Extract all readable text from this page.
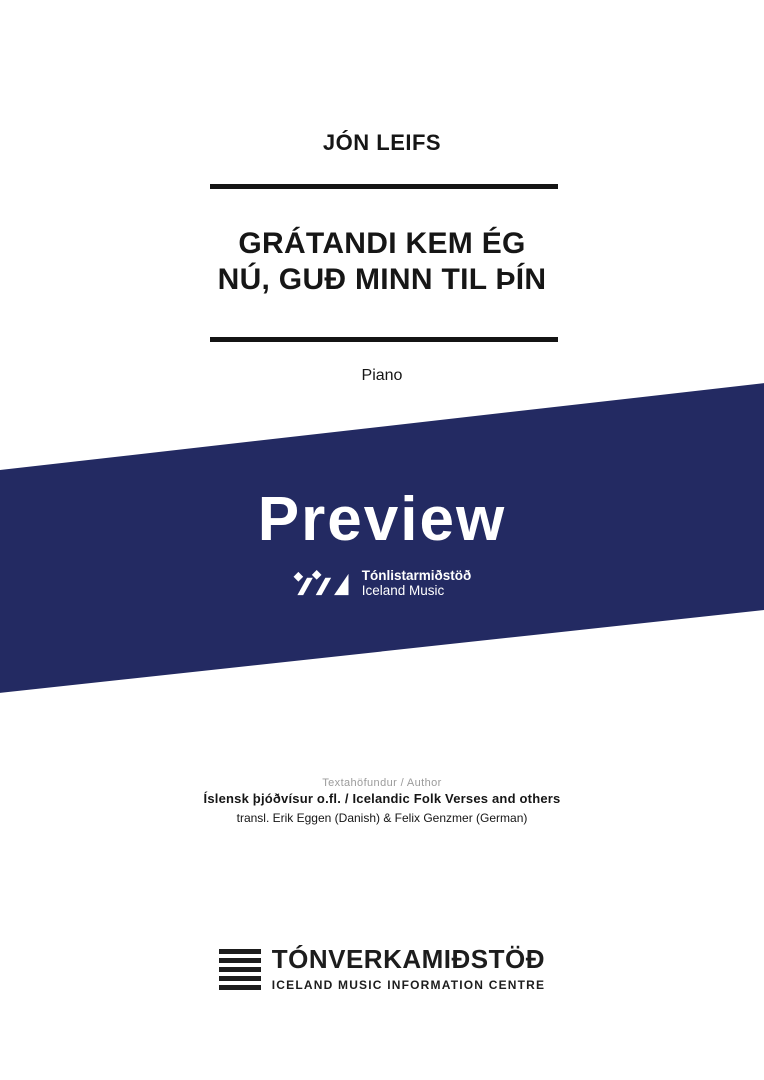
JÓN LEIFS
GRÁTANDI KEM ÉG
NÚ, GUÐ MINN TIL ÞÍN
Piano
Preview
Tónlistarmiðstöð
Iceland Music
Textahöfundur / Author
Íslensk þjóðvísur o.fl. / Icelandic Folk Verses and others
transl. Erik Eggen (Danish) & Felix Genzmer (German)
TÓNVERKAMIÐSTÖÐ
ICELAND MUSIC INFORMATION CENTRE
